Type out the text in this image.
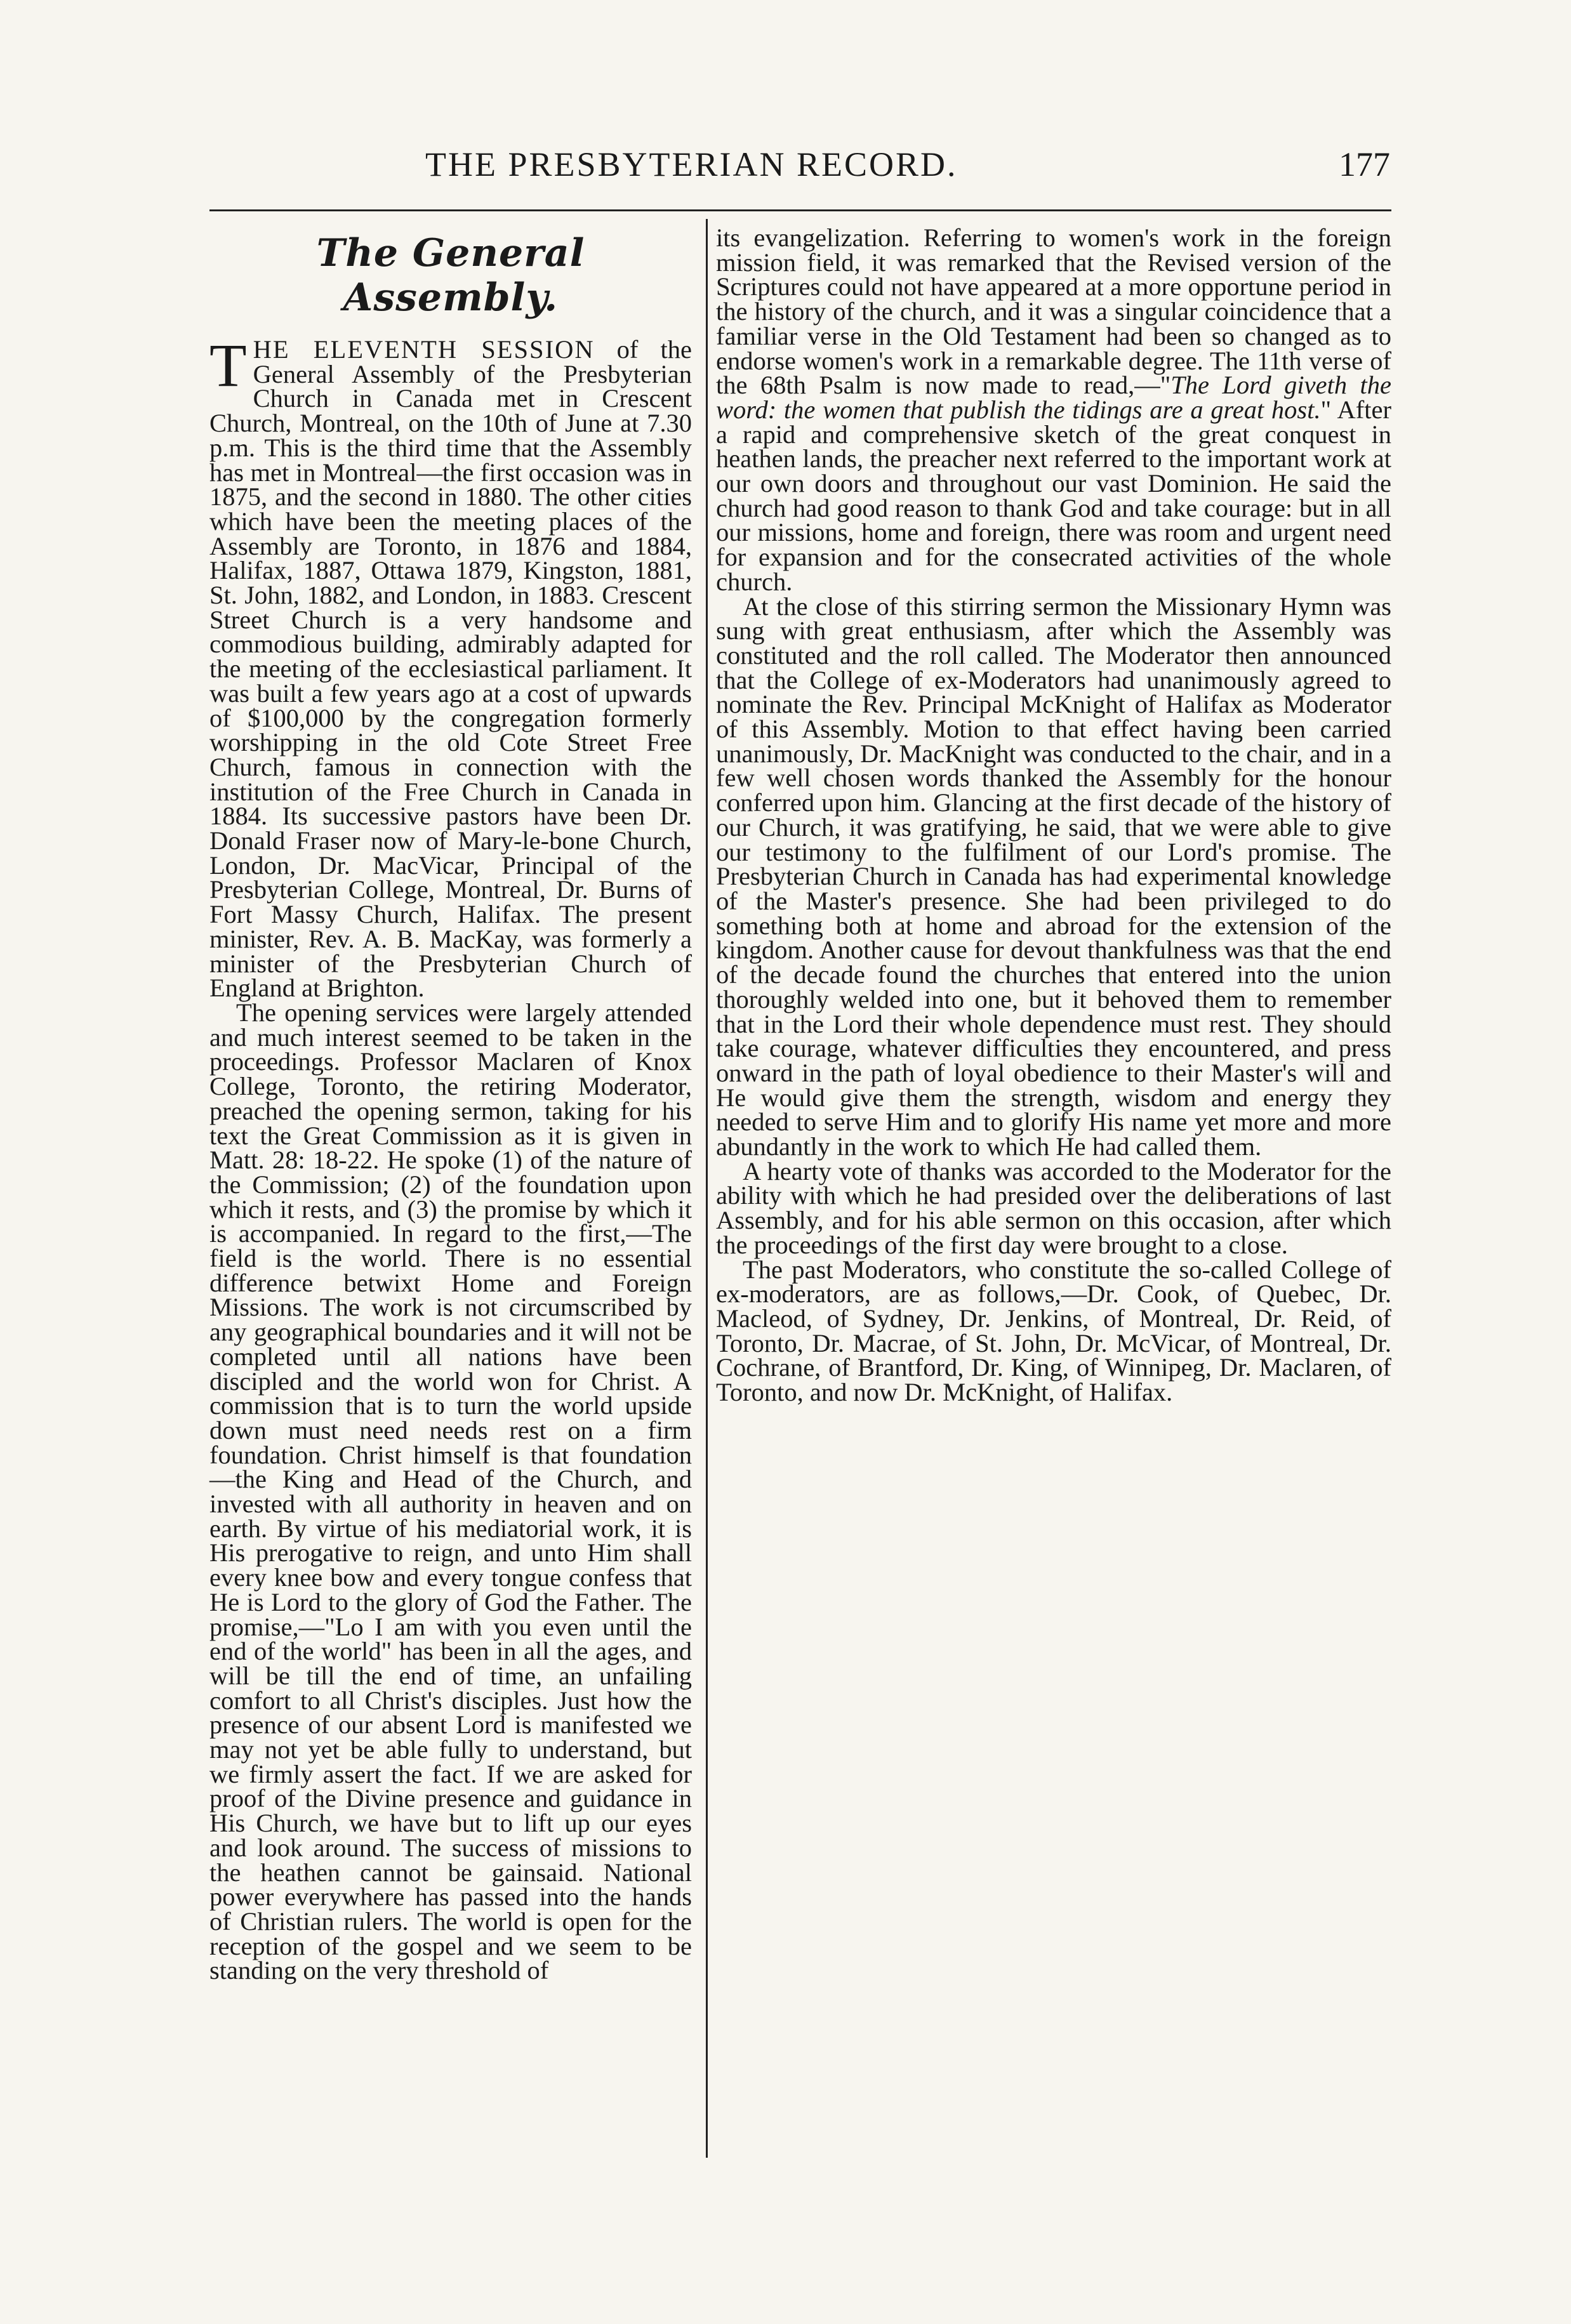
THE PRESBYTERIAN RECORD.	177
The General Assembly.

THE ELEVENTH SESSION of the General Assembly of the Presbyterian Church in Canada met in Crescent Church, Montreal, on the 10th of June at 7.30 p.m. This is the third time that the Assembly has met in Montreal—the first occasion was in 1875, and the second in 1880. The other cities which have been the meeting places of the Assembly are Toronto, in 1876 and 1884, Halifax, 1887, Ottawa 1879, Kingston, 1881, St. John, 1882, and London, in 1883. Crescent Street Church is a very handsome and commodious building, admirably adapted for the meeting of the ecclesiastical parliament. It was built a few years ago at a cost of upwards of $100,000 by the congregation formerly worshipping in the old Cote Street Free Church, famous in connection with the institution of the Free Church in Canada in 1884. Its successive pastors have been Dr. Donald Fraser now of Mary-le-bone Church, London, Dr. MacVicar, Principal of the Presbyterian College, Montreal, Dr. Burns of Fort Massy Church, Halifax. The present minister, Rev. A. B. MacKay, was formerly a minister of the Presbyterian Church of England at Brighton.

The opening services were largely attended and much interest seemed to be taken in the proceedings. Professor Maclaren of Knox College, Toronto, the retiring Moderator, preached the opening sermon, taking for his text the Great Commission as it is given in Matt. 28: 18-22. He spoke (1) of the nature of the Commission; (2) of the foundation upon which it rests, and (3) the promise by which it is accompanied. In regard to the first,—The field is the world. There is no essential difference betwixt Home and Foreign Missions. The work is not circumscribed by any geographical boundaries and it will not be completed until all nations have been discipled and the world won for Christ. A commission that is to turn the world upside down must need needs rest on a firm foundation. Christ himself is that foundation—the King and Head of the Church, and invested with all authority in heaven and on earth. By virtue of his mediatorial work, it is His prerogative to reign, and unto Him shall every knee bow and every tongue confess that He is Lord to the glory of God the Father. The promise,—"Lo I am with you even until the end of the world" has been in all the ages, and will be till the end of time, an unfailing comfort to all Christ's disciples. Just how the presence of our absent Lord is manifested we may not yet be able fully to understand, but we firmly assert the fact. If we are asked for proof of the Divine presence and guidance in His Church, we have but to lift up our eyes and look around. The success of missions to the heathen cannot be gainsaid. National power everywhere has passed into the hands of Christian rulers. The world is open for the reception of the gospel and we seem to be standing on the very threshold of

its evangelization. Referring to women's work in the foreign mission field, it was remarked that the Revised version of the Scriptures could not have appeared at a more opportune period in the history of the church, and it was a singular coincidence that a familiar verse in the Old Testament had been so changed as to endorse women's work in a remarkable degree. The 11th verse of the 68th Psalm is now made to read,—"The Lord giveth the word: the women that publish the tidings are a great host." After a rapid and comprehensive sketch of the great conquest in heathen lands, the preacher next referred to the important work at our own doors and throughout our vast Dominion. He said the church had good reason to thank God and take courage: but in all our missions, home and foreign, there was room and urgent need for expansion and for the consecrated activities of the whole church.

At the close of this stirring sermon the Missionary Hymn was sung with great enthusiasm, after which the Assembly was constituted and the roll called. The Moderator then announced that the College of ex-Moderators had unanimously agreed to nominate the Rev. Principal McKnight of Halifax as Moderator of this Assembly. Motion to that effect having been carried unanimously, Dr. MacKnight was conducted to the chair, and in a few well chosen words thanked the Assembly for the honour conferred upon him. Glancing at the first decade of the history of our Church, it was gratifying, he said, that we were able to give our testimony to the fulfilment of our Lord's promise. The Presbyterian Church in Canada has had experimental knowledge of the Master's presence. She had been privileged to do something both at home and abroad for the extension of the kingdom. Another cause for devout thankfulness was that the end of the decade found the churches that entered into the union thoroughly welded into one, but it behoved them to remember that in the Lord their whole dependence must rest. They should take courage, whatever difficulties they encountered, and press onward in the path of loyal obedience to their Master's will and He would give them the strength, wisdom and energy they needed to serve Him and to glorify His name yet more and more abundantly in the work to which He had called them.

A hearty vote of thanks was accorded to the Moderator for the ability with which he had presided over the deliberations of last Assembly, and for his able sermon on this occasion, after which the proceedings of the first day were brought to a close.

The past Moderators, who constitute the so-called College of ex-moderators, are as follows,—Dr. Cook, of Quebec, Dr. Macleod, of Sydney, Dr. Jenkins, of Montreal, Dr. Reid, of Toronto, Dr. Macrae, of St. John, Dr. McVicar, of Montreal, Dr. Cochrane, of Brantford, Dr. King, of Winnipeg, Dr. Maclaren, of Toronto, and now Dr. McKnight, of Halifax.
